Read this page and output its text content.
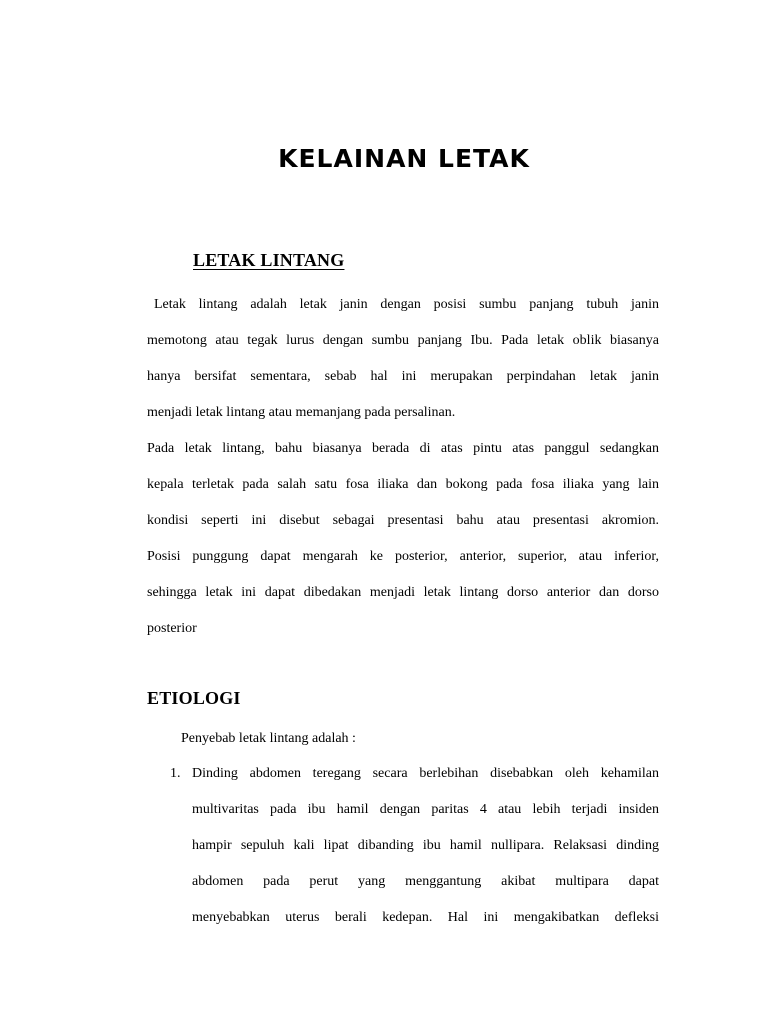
KELAINAN LETAK
LETAK LINTANG
Letak lintang adalah letak janin dengan posisi sumbu panjang tubuh janin
memotong atau tegak lurus dengan sumbu panjang Ibu. Pada letak oblik biasanya
hanya bersifat sementara, sebab hal ini merupakan perpindahan letak janin
menjadi letak lintang atau memanjang pada persalinan.
Pada letak lintang, bahu biasanya berada di atas pintu atas panggul sedangkan
kepala terletak pada salah satu fosa iliaka dan bokong pada fosa iliaka yang lain
kondisi seperti ini disebut sebagai presentasi bahu atau presentasi akromion.
Posisi punggung dapat mengarah ke posterior, anterior, superior, atau inferior,
sehingga letak ini dapat dibedakan menjadi letak lintang dorso anterior dan dorso
posterior
ETIOLOGI

Penyebab letak lintang adalah :

1. Dinding abdomen teregang secara berlebihan disebabkan oleh kehamilan
multivaritas pada ibu hamil dengan paritas 4 atau lebih terjadi insiden
hampir sepuluh kali lipat dibanding ibu hamil nullipara. Relaksasi dinding
abdomen pada perut yang menggantung akibat multipara dapat
menyebabkan uterus berali kedepan. Hal ini mengakibatkan defleksi
